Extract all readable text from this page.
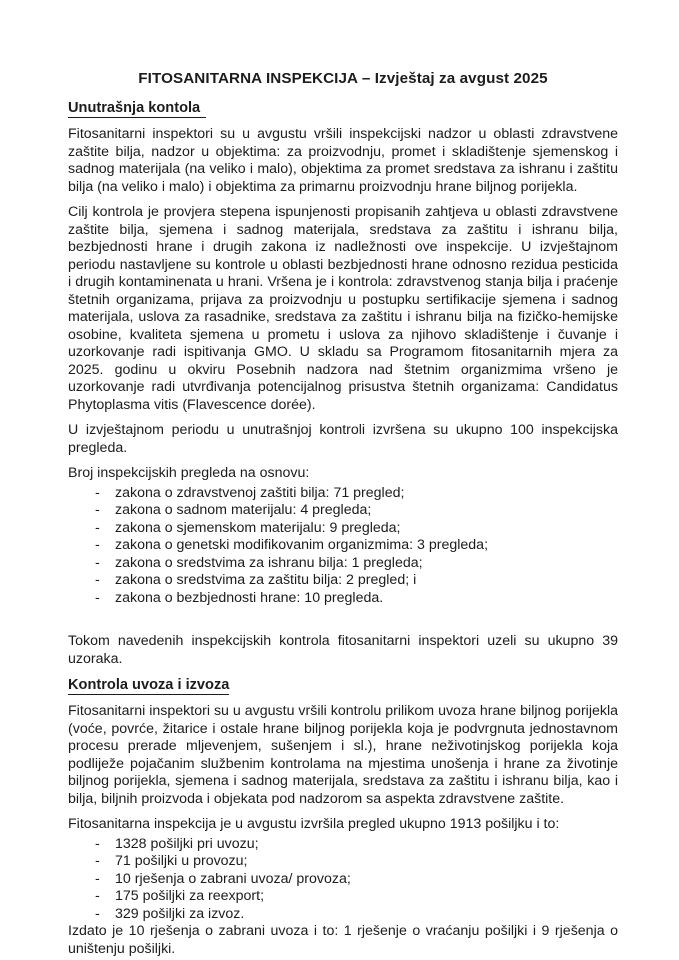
FITOSANITARNA INSPEKCIJA – Izvještaj za avgust 2025
Unutrašnja kontola

Fitosanitarni inspektori su u avgustu vršili inspekcijski nadzor u oblasti zdravstvene zaštite bilja, nadzor u objektima: za proizvodnju, promet i skladištenje sjemenskog i sadnog materijala (na veliko i malo), objektima za promet sredstava za ishranu i zaštitu bilja (na veliko i malo) i objektima za primarnu proizvodnju hrane biljnog porijekla.

Cilj kontrola je provjera stepena ispunjenosti propisanih zahtjeva u oblasti zdravstvene zaštite bilja, sjemena i sadnog materijala, sredstava za zaštitu i ishranu bilja, bezbjednosti hrane i drugih zakona iz nadležnosti ove inspekcije. U izvještajnom periodu nastavljene su kontrole u oblasti bezbjednosti hrane odnosno rezidua pesticida i drugih kontaminenata u hrani. Vršena je i kontrola: zdravstvenog stanja bilja i praćenje štetnih organizama, prijava za proizvodnju u postupku sertifikacije sjemena i sadnog materijala, uslova za rasadnike, sredstava za zaštitu i ishranu bilja na fizičko-hemijske osobine, kvaliteta sjemena u prometu i uslova za njihovo skladištenje i čuvanje i uzorkovanje radi ispitivanja GMO. U skladu sa Programom fitosanitarnih mjera za 2025. godinu u okviru Posebnih nadzora nad štetnim organizmima vršeno je uzorkovanje radi utvrđivanja potencijalnog prisustva štetnih organizama: Candidatus Phytoplasma vitis (Flavescence dorée).

U izvještajnom periodu u unutrašnjoj kontroli izvršena su ukupno 100 inspekcijska pregleda.

Broj inspekcijskih pregleda na osnovu:

-	zakona o zdravstvenoj zaštiti bilja: 71 pregled;
-	zakona o sadnom materijalu: 4 pregleda;
-	zakona o sjemenskom materijalu: 9 pregleda;
-	zakona o genetski modifikovanim organizmima: 3 pregleda;
-	zakona o sredstvima za ishranu bilja: 1 pregleda;
-	zakona o sredstvima za zaštitu bilja: 2 pregled; i
-	zakona o bezbjednosti hrane: 10 pregleda.

Tokom navedenih inspekcijskih kontrola fitosanitarni inspektori uzeli su ukupno 39 uzoraka.

Kontrola uvoza i izvoza

Fitosanitarni inspektori su u avgustu vršili kontrolu prilikom uvoza hrane biljnog porijekla (voće, povrće, žitarice i ostale hrane biljnog porijekla koja je podvrgnuta jednostavnom procesu prerade mljevenjem, sušenjem i sl.), hrane neživotinjskog porijekla koja podliježe pojačanim službenim kontrolama na mjestima unošenja i hrane za životinje biljnog porijekla, sjemena i sadnog materijala, sredstava za zaštitu i ishranu bilja, kao i bilja, biljnih proizvoda i objekata pod nadzorom sa aspekta zdravstvene zaštite.

Fitosanitarna inspekcija je u avgustu izvršila pregled ukupno 1913 pošiljku i to:

-	1328 pošiljki pri uvozu;
-	71 pošiljki u provozu;
-	10 rješenja o zabrani uvoza/ provoza;
-	175 pošiljki za reexport;
-	329 pošiljki za izvoz.

Izdato je 10 rješenja o zabrani uvoza i to: 1 rješenje o vraćanju pošiljki i 9 rješenja o uništenju pošiljki.
